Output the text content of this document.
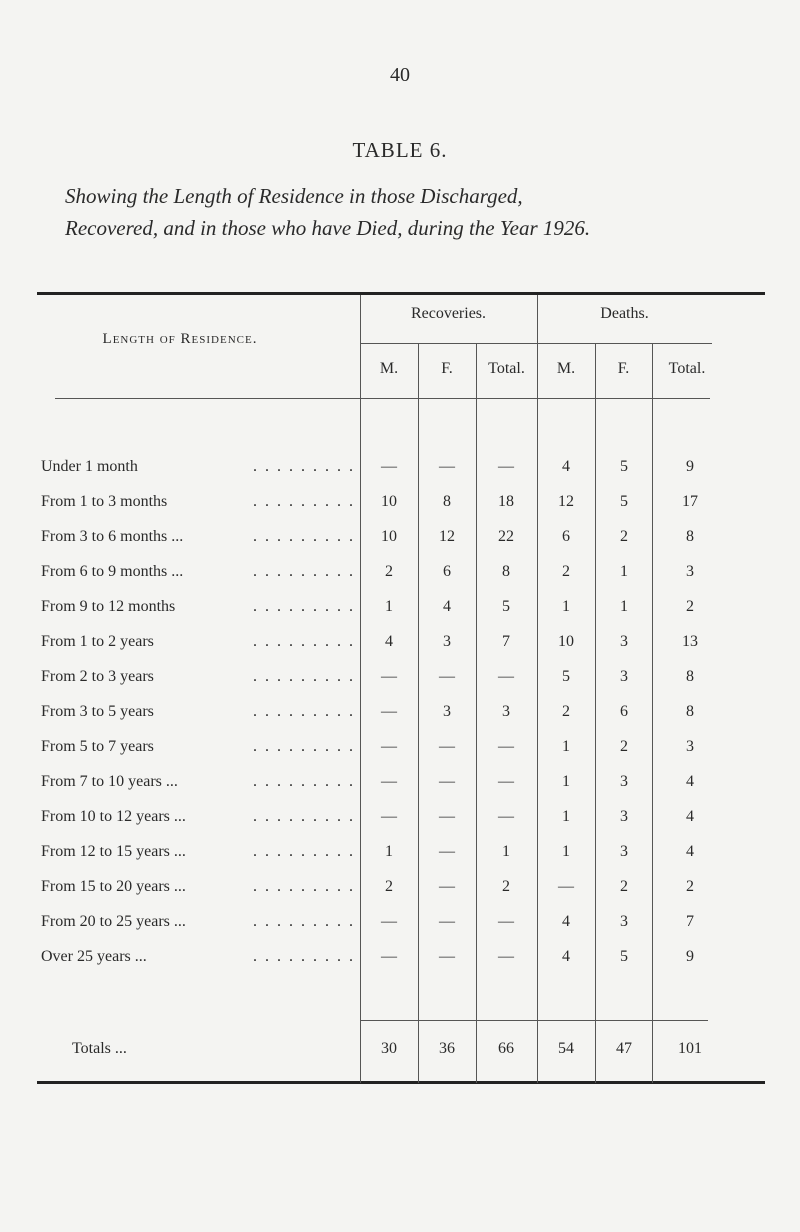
40
TABLE 6.
Showing the Length of Residence in those Discharged,
Recovered, and in those who have Died, during the Year 1926.
Length of Residence.
Recoveries.	Deaths.
M.	F.	Total.	M.	F.	Total.
Under 1 month	. . . . . . . . .	—	—	—	4	5	9
From 1 to 3 months	. . . . . . . . .	10	8	18	12	5	17
From 3 to 6 months ...	. . . . . . . . .	10	12	22	6	2	8
From 6 to 9 months ...	. . . . . . . . .	2	6	8	2	1	3
From 9 to 12 months	. . . . . . . . .	1	4	5	1	1	2
From 1 to 2 years	. . . . . . . . .	4	3	7	10	3	13
From 2 to 3 years	. . . . . . . . .	—	—	—	5	3	8
From 3 to 5 years	. . . . . . . . .	—	3	3	2	6	8
From 5 to 7 years	. . . . . . . . .	—	—	—	1	2	3
From 7 to 10 years ...	. . . . . . . . .	—	—	—	1	3	4
From 10 to 12 years ...	. . . . . . . . .	—	—	—	1	3	4
From 12 to 15 years ...	. . . . . . . . .	1	—	1	1	3	4
From 15 to 20 years ...	. . . . . . . . .	2	—	2	—	2	2
From 20 to 25 years ...	. . . . . . . . .	—	—	—	4	3	7
Over 25 years ...	. . . . . . . . .	—	—	—	4	5	9
Totals ...	30	36	66	54	47	101
